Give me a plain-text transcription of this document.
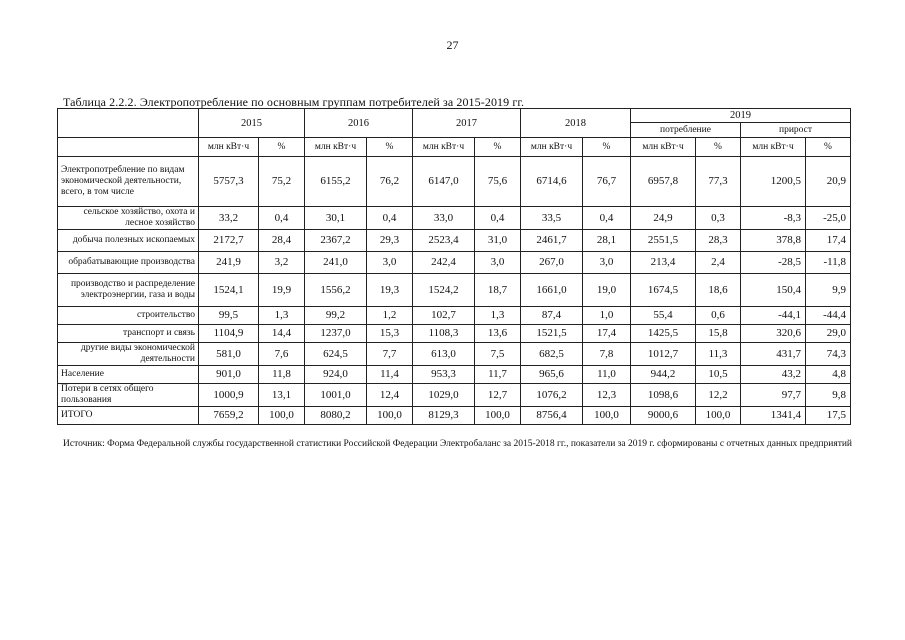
27
Таблица 2.2.2. Электропотребление по основным группам потребителей за 2015-2019 гг.
	2015		2016		2017		2018		2019			
									потребление		прирост	
	млн кВт·ч	%	млн кВт·ч	%	млн кВт·ч	%	млн кВт·ч	%	млн кВт·ч	%	млн кВт·ч	%
Электропотребление по видам экономической деятельности, всего, в том числе	5757,3	75,2	6155,2	76,2	6147,0	75,6	6714,6	76,7	6957,8	77,3	1200,5	20,9
сельское хозяйство, охота и лесное хозяйство	33,2	0,4	30,1	0,4	33,0	0,4	33,5	0,4	24,9	0,3	-8,3	-25,0
добыча полезных ископаемых	2172,7	28,4	2367,2	29,3	2523,4	31,0	2461,7	28,1	2551,5	28,3	378,8	17,4
обрабатывающие производства	241,9	3,2	241,0	3,0	242,4	3,0	267,0	3,0	213,4	2,4	-28,5	-11,8
производство и распределение электроэнергии, газа и воды	1524,1	19,9	1556,2	19,3	1524,2	18,7	1661,0	19,0	1674,5	18,6	150,4	9,9
строительство	99,5	1,3	99,2	1,2	102,7	1,3	87,4	1,0	55,4	0,6	-44,1	-44,4
транспорт и связь	1104,9	14,4	1237,0	15,3	1108,3	13,6	1521,5	17,4	1425,5	15,8	320,6	29,0
другие виды экономической деятельности	581,0	7,6	624,5	7,7	613,0	7,5	682,5	7,8	1012,7	11,3	431,7	74,3
Население	901,0	11,8	924,0	11,4	953,3	11,7	965,6	11,0	944,2	10,5	43,2	4,8
Потери в сетях общего пользования	1000,9	13,1	1001,0	12,4	1029,0	12,7	1076,2	12,3	1098,6	12,2	97,7	9,8
ИТОГО	7659,2	100,0	8080,2	100,0	8129,3	100,0	8756,4	100,0	9000,6	100,0	1341,4	17,5
Источник: Форма Федеральной службы государственной статистики Российской Федерации Электробаланс за 2015-2018 гг., показатели за 2019 г. сформированы с отчетных данных предприятий
